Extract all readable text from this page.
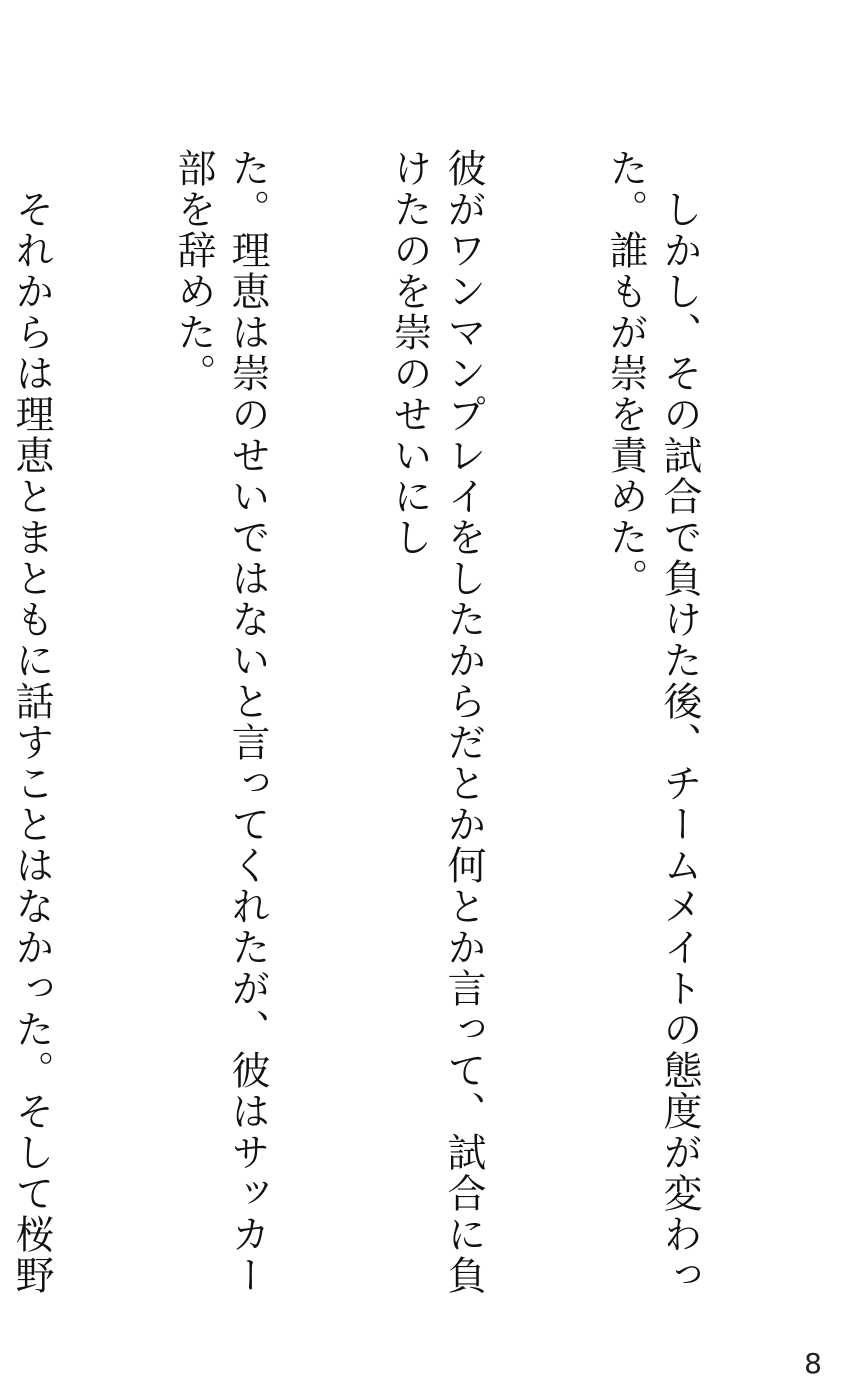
　しかし、その試合で負けた後、チームメイトの態度が変わった。誰もが崇を責めた。

彼がワンマンプレイをしたからだとか何とか言って、試合に負けたのを崇のせいにし

た。理恵は崇のせいではないと言ってくれたが、彼はサッカー部を辞めた。

　それからは理恵とまともに話すことはなかった。そして桜野

8
